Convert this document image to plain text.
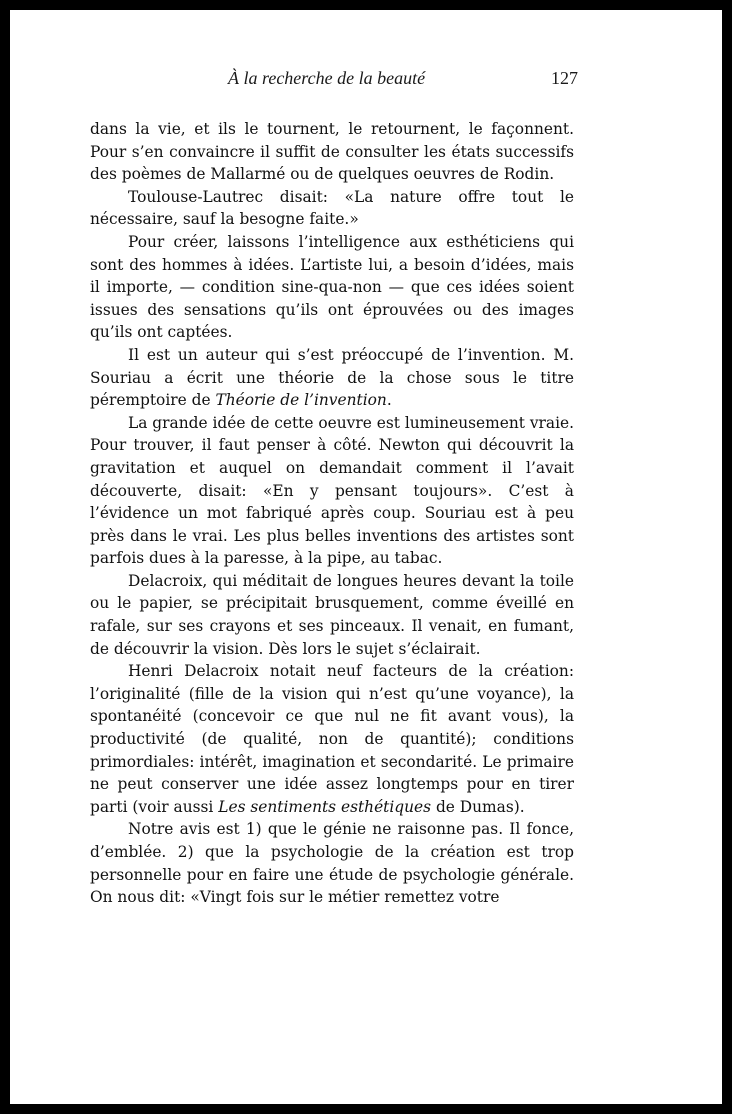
À la recherche de la beauté	127

dans la vie, et ils le tournent, le retournent, le façonnent. Pour s’en convaincre il suffit de consulter les états successifs des poèmes de Mallarmé ou de quelques oeuvres de Rodin.

Toulouse-Lautrec disait: «La nature offre tout le nécessaire, sauf la besogne faite.»

Pour créer, laissons l’intelligence aux esthéticiens qui sont des hommes à idées. L’artiste lui, a besoin d’idées, mais il importe, — condition sine-qua-non — que ces idées soient issues des sensations qu’ils ont éprouvées ou des images qu’ils ont captées.

Il est un auteur qui s’est préoccupé de l’invention. M. Souriau a écrit une théorie de la chose sous le titre péremptoire de Théorie de l’invention.

La grande idée de cette oeuvre est lumineusement vraie. Pour trouver, il faut penser à côté. Newton qui découvrit la gravitation et auquel on demandait comment il l’avait découverte, disait: «En y pensant toujours». C’est à l’évidence un mot fabriqué après coup. Souriau est à peu près dans le vrai. Les plus belles inventions des artistes sont parfois dues à la paresse, à la pipe, au tabac.

Delacroix, qui méditait de longues heures devant la toile ou le papier, se précipitait brusquement, comme éveillé en rafale, sur ses crayons et ses pinceaux. Il venait, en fumant, de découvrir la vision. Dès lors le sujet s’éclairait.

Henri Delacroix notait neuf facteurs de la création: l’originalité (fille de la vision qui n’est qu’une voyance), la spontanéité (concevoir ce que nul ne fit avant vous), la productivité (de qualité, non de quantité); conditions primordiales: intérêt, imagination et secondarité. Le primaire ne peut conserver une idée assez longtemps pour en tirer parti (voir aussi Les sentiments esthétiques de Dumas).

Notre avis est 1) que le génie ne raisonne pas. Il fonce, d’emblée. 2) que la psychologie de la création est trop personnelle pour en faire une étude de psychologie générale. On nous dit: «Vingt fois sur le métier remettez votre
